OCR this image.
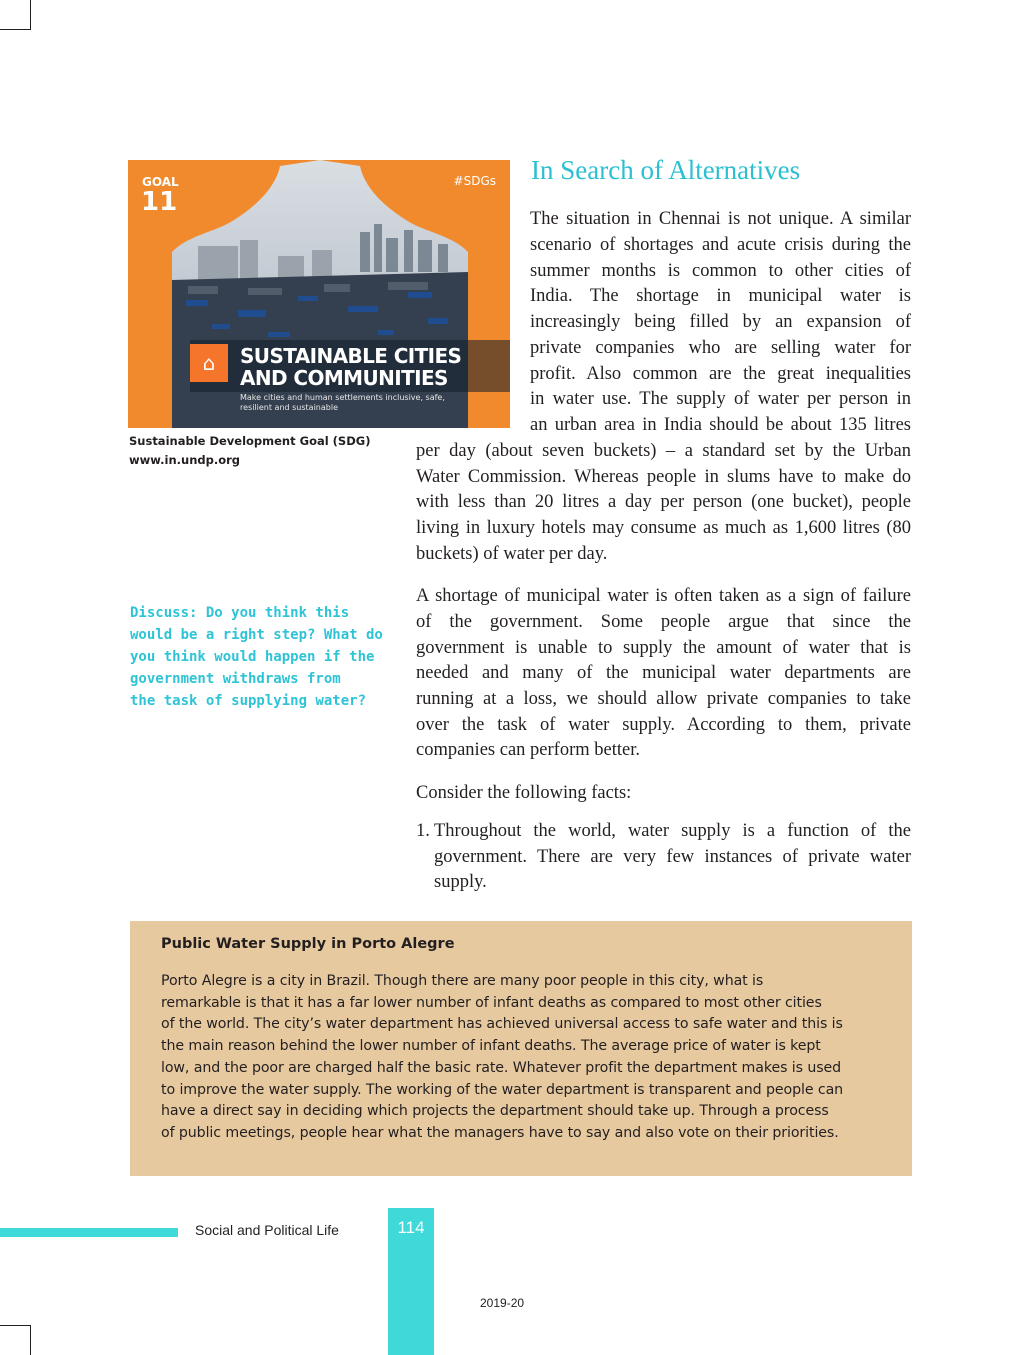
GOAL
11
#SDGs
⌂	SUSTAINABLE CITIES
AND COMMUNITIES
Make cities and human settlements inclusive, safe,
resilient and sustainable
Sustainable Development Goal (SDG)
www.in.undp.org
Discuss: Do you think this
would be a right step? What do
you think would happen if the
government withdraws from
the task of supplying water?
In Search of Alternatives
The situation in Chennai is not unique. A similar
scenario of shortages and acute crisis during the
summer months is common to other cities of
India. The shortage in municipal water is
increasingly being filled by an expansion of
private companies who are selling water for
profit. Also common are the great inequalities
in water use. The supply of water per person in
an urban area in India should be about 135 litres
per day (about seven buckets) – a standard set by the Urban
Water Commission. Whereas people in slums have to make do
with less than 20 litres a day per person (one bucket), people
living in luxury hotels may consume as much as 1,600 litres (80
buckets) of water per day.
A shortage of municipal water is often taken as a sign of failure
of the government. Some people argue that since the
government is unable to supply the amount of water that is
needed and many of the municipal water departments are
running at a loss, we should allow private companies to take
over the task of water supply. According to them, private
companies can perform better.
Consider the following facts:
1. Throughout the world, water supply is a function of the
government. There are very few instances of private water
supply.
Public Water Supply in Porto Alegre
Porto Alegre is a city in Brazil. Though there are many poor people in this city, what is
remarkable is that it has a far lower number of infant deaths as compared to most other cities
of the world. The city’s water department has achieved universal access to safe water and this is
the main reason behind the lower number of infant deaths. The average price of water is kept
low, and the poor are charged half the basic rate. Whatever profit the department makes is used
to improve the water supply. The working of the water department is transparent and people can
have a direct say in deciding which projects the department should take up. Through a process
of public meetings, people hear what the managers have to say and also vote on their priorities.
Social and Political Life	114
2019-20
